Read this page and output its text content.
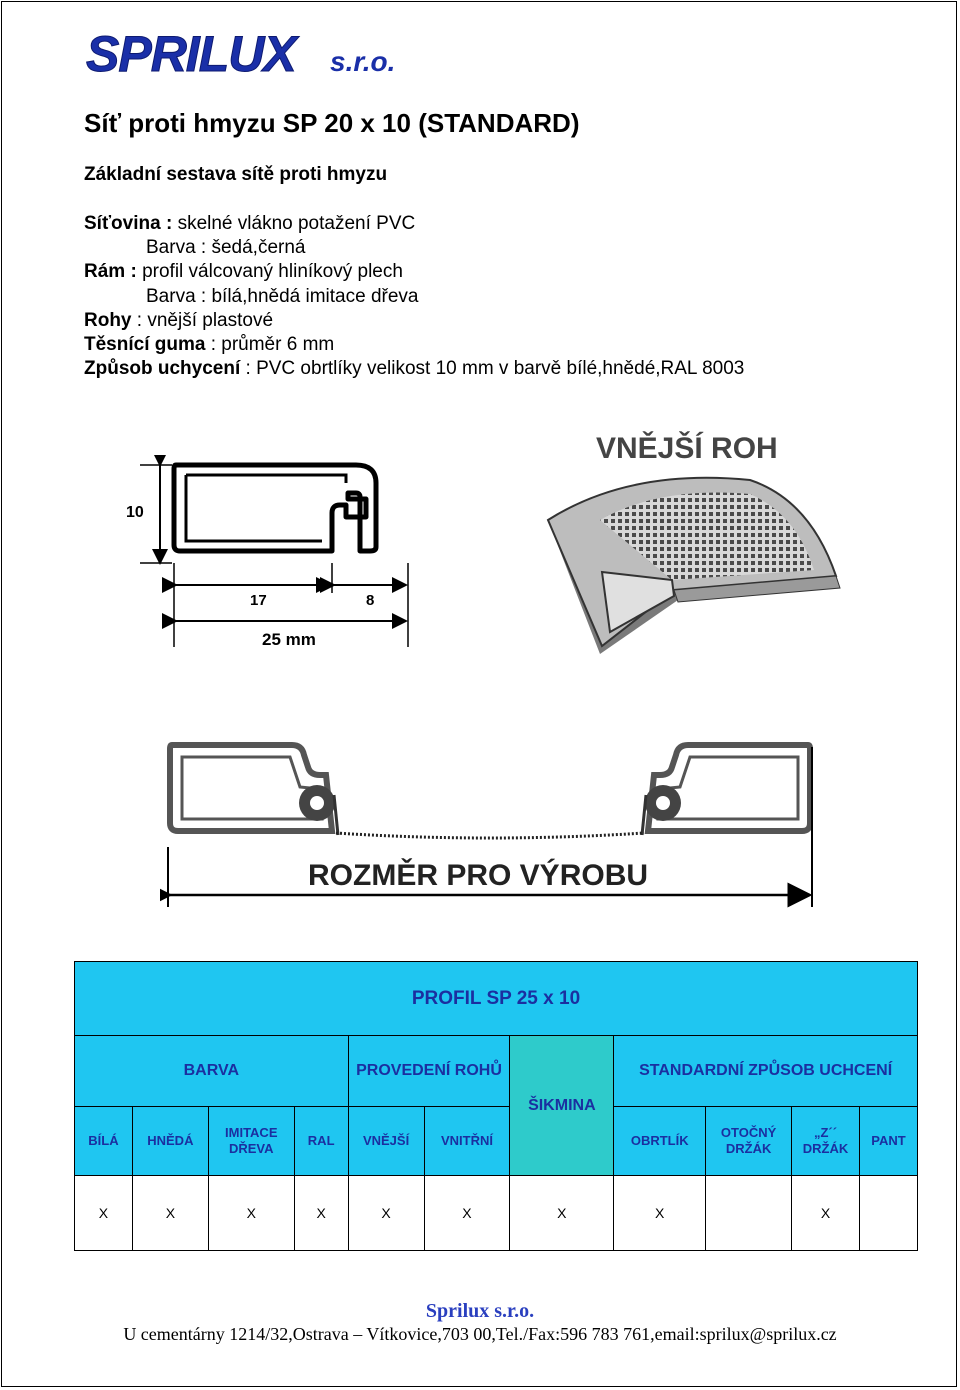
SPRILUX s.r.o.
Síť proti hmyzu SP 20 x 10 (STANDARD)
Základní sestava sítě proti hmyzu
Síťovina : skelné vlákno potažení PVC
Barva : šedá,černá
Rám : profil válcovaný hliníkový plech
Barva : bílá,hnědá imitace dřeva
Rohy : vnější plastové
Těsnící guma : průměr 6 mm
Způsob uchycení : PVC obrtlíky velikost 10 mm v barvě bílé,hnědé,RAL 8003
10
17	8
25 mm
VNĚJŠÍ ROH
ROZMĚR PRO VÝROBU
PROFIL SP 25 x 10										
BARVA				PROVEDENÍ ROHŮ		ŠIKMINA	STANDARDNÍ ZPŮSOB UCHCENÍ			
BÍLÁ	HNĚDÁ	IMITACE DŘEVA	RAL	VNĚJŠÍ	VNITŘNÍ		OBRTLÍK	OTOČNÝ DRŽÁK	„Z´´ DRŽÁK	PANT
X	X	X	X	X	X	X	X		X	
Sprilux s.r.o.
U cementárny 1214/32,Ostrava – Vítkovice,703 00,Tel./Fax:596 783 761,email:sprilux@sprilux.cz
